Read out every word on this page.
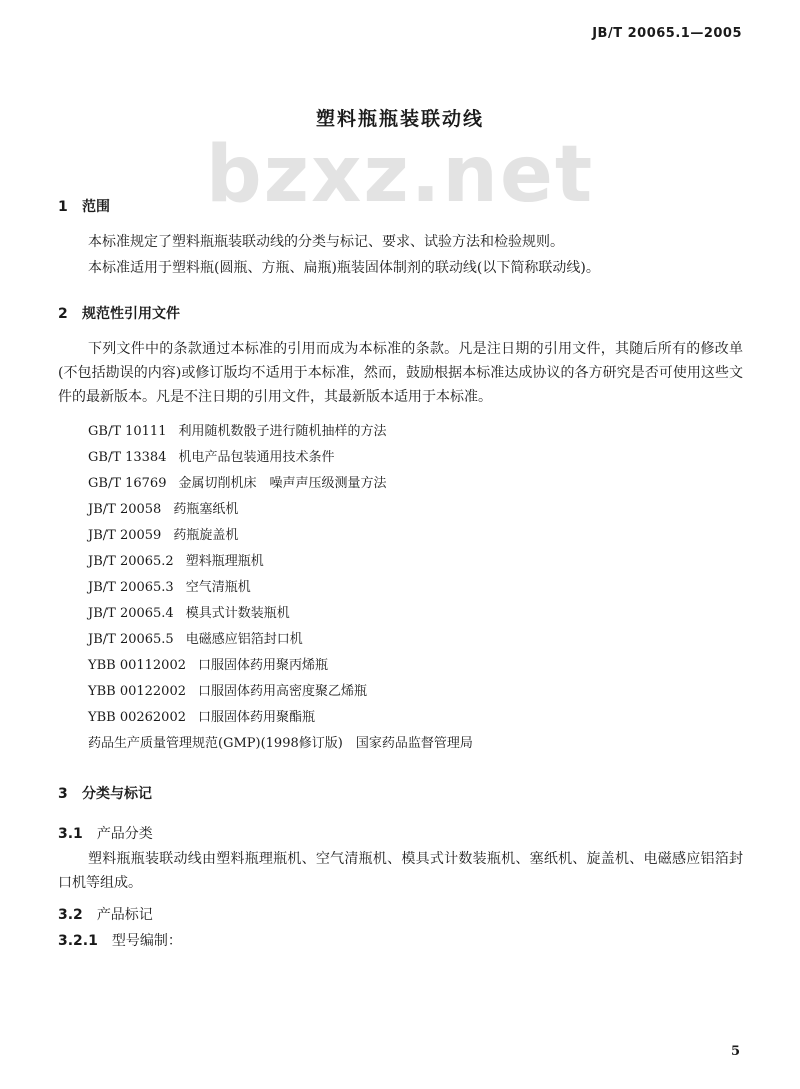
JB/T 20065.1—2005
bzxz.net
塑料瓶瓶装联动线
1 范围
本标准规定了塑料瓶瓶装联动线的分类与标记、要求、试验方法和检验规则。
本标准适用于塑料瓶(圆瓶、方瓶、扁瓶)瓶装固体制剂的联动线(以下简称联动线)。
2 规范性引用文件
下列文件中的条款通过本标准的引用而成为本标准的条款。凡是注日期的引用文件，其随后所有的修改单(不包括勘误的内容)或修订版均不适用于本标准，然而，鼓励根据本标准达成协议的各方研究是否可使用这些文件的最新版本。凡是不注日期的引用文件，其最新版本适用于本标准。
GB/T 10111 利用随机数骰子进行随机抽样的方法
GB/T 13384 机电产品包装通用技术条件
GB/T 16769 金属切削机床　噪声声压级测量方法
JB/T 20058 药瓶塞纸机
JB/T 20059 药瓶旋盖机
JB/T 20065.2 塑料瓶理瓶机
JB/T 20065.3 空气清瓶机
JB/T 20065.4 模具式计数装瓶机
JB/T 20065.5 电磁感应铝箔封口机
YBB 00112002 口服固体药用聚丙烯瓶
YBB 00122002 口服固体药用高密度聚乙烯瓶
YBB 00262002 口服固体药用聚酯瓶
药品生产质量管理规范(GMP)(1998修订版)　国家药品监督管理局
3 分类与标记
3.1 产品分类
塑料瓶瓶装联动线由塑料瓶理瓶机、空气清瓶机、模具式计数装瓶机、塞纸机、旋盖机、电磁感应铝箔封口机等组成。
3.2 产品标记
3.2.1 型号编制：
5
